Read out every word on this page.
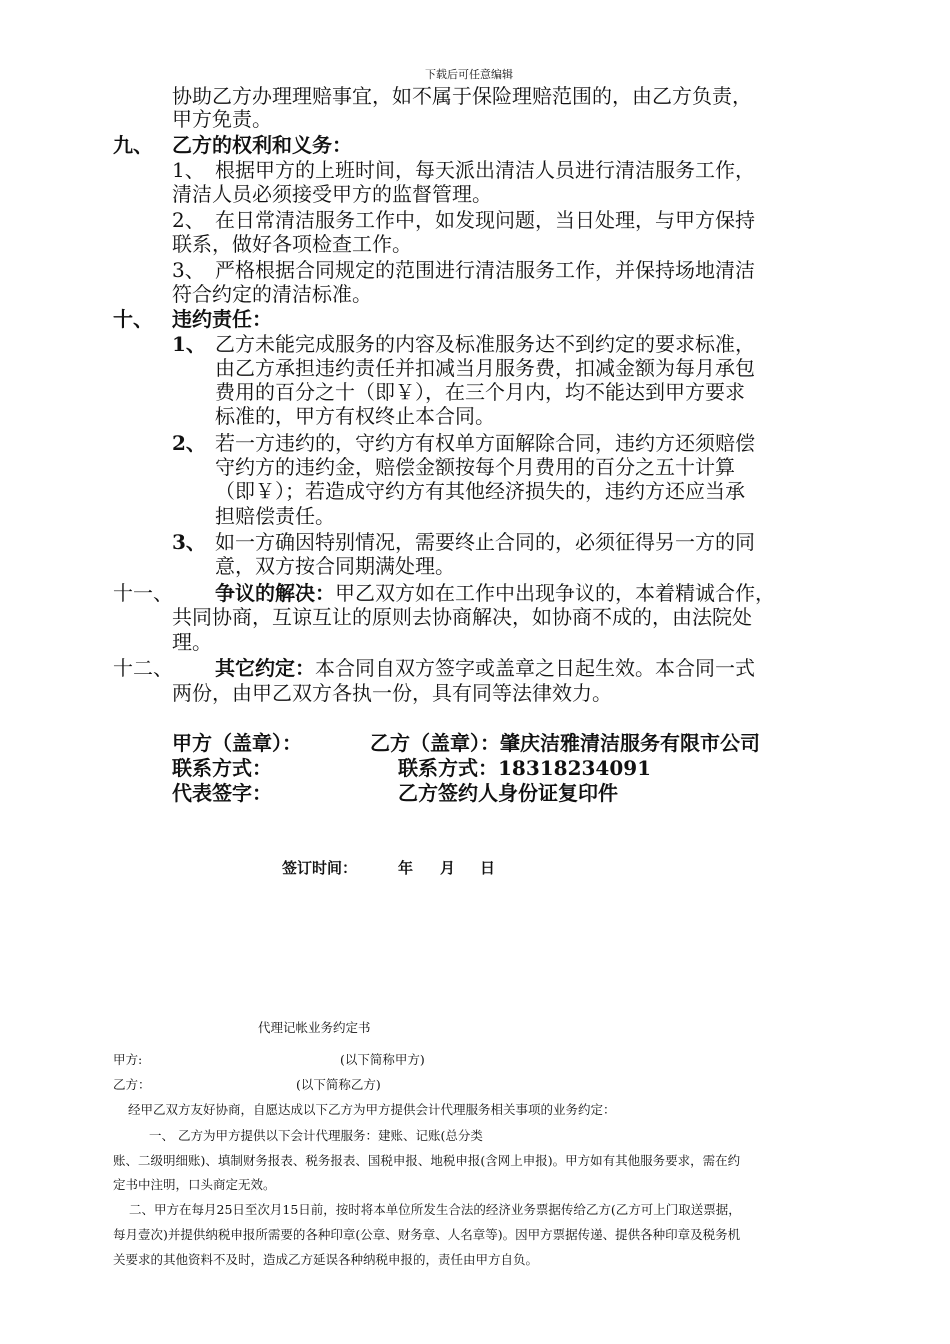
下载后可任意编辑
协助乙方办理理赔事宜，如不属于保险理赔范围的，由乙方负责，
甲方免责。
九、 乙方的权利和义务：
1、 根据甲方的上班时间，每天派出清洁人员进行清洁服务工作，
清洁人员必须接受甲方的监督管理。
2、 在日常清洁服务工作中，如发现问题，当日处理，与甲方保持
联系，做好各项检查工作。
3、 严格根据合同规定的范围进行清洁服务工作，并保持场地清洁
符合约定的清洁标准。
十、 违约责任：
1、 乙方未能完成服务的内容及标准服务达不到约定的要求标准，
由乙方承担违约责任并扣减当月服务费，扣减金额为每月承包
费用的百分之十（即￥），在三个月内，均不能达到甲方要求
标准的，甲方有权终止本合同。
2、 若一方违约的，守约方有权单方面解除合同，违约方还须赔偿
守约方的违约金，赔偿金额按每个月费用的百分之五十计算
（即￥）；若造成守约方有其他经济损失的，违约方还应当承
担赔偿责任。
3、 如一方确因特别情况，需要终止合同的，必须征得另一方的同
意，双方按合同期满处理。
十一、 争议的解决：甲乙双方如在工作中出现争议的，本着精诚合作，
共同协商，互谅互让的原则去协商解决，如协商不成的，由法院处
理。
十二、 其它约定：本合同自双方签字或盖章之日起生效。本合同一式
两份，由甲乙双方各执一份，具有同等法律效力。
甲方（盖章）：	乙方（盖章）：肇庆洁雅清洁服务有限市公司
联系方式：	联系方式：18318234091
代表签字：	乙方签约人身份证复印件
签订时间：	年 月 日
代理记帐业务约定书
甲方:	(以下简称甲方)
乙方：	(以下简称乙方)
经甲乙双方友好协商，自愿达成以下乙方为甲方提供会计代理服务相关事项的业务约定：
一、 乙方为甲方提供以下会计代理服务：建账、记账(总分类
账、二级明细账)、填制财务报表、税务报表、国税申报、地税申报(含网上申报)。甲方如有其他服务要求，需在约
定书中注明，口头商定无效。
二、甲方在每月25日至次月15日前，按时将本单位所发生合法的经济业务票据传给乙方(乙方可上门取送票据，
每月壹次)并提供纳税申报所需要的各种印章(公章、财务章、人名章等)。因甲方票据传递、提供各种印章及税务机
关要求的其他资料不及时，造成乙方延误各种纳税申报的，责任由甲方自负。
